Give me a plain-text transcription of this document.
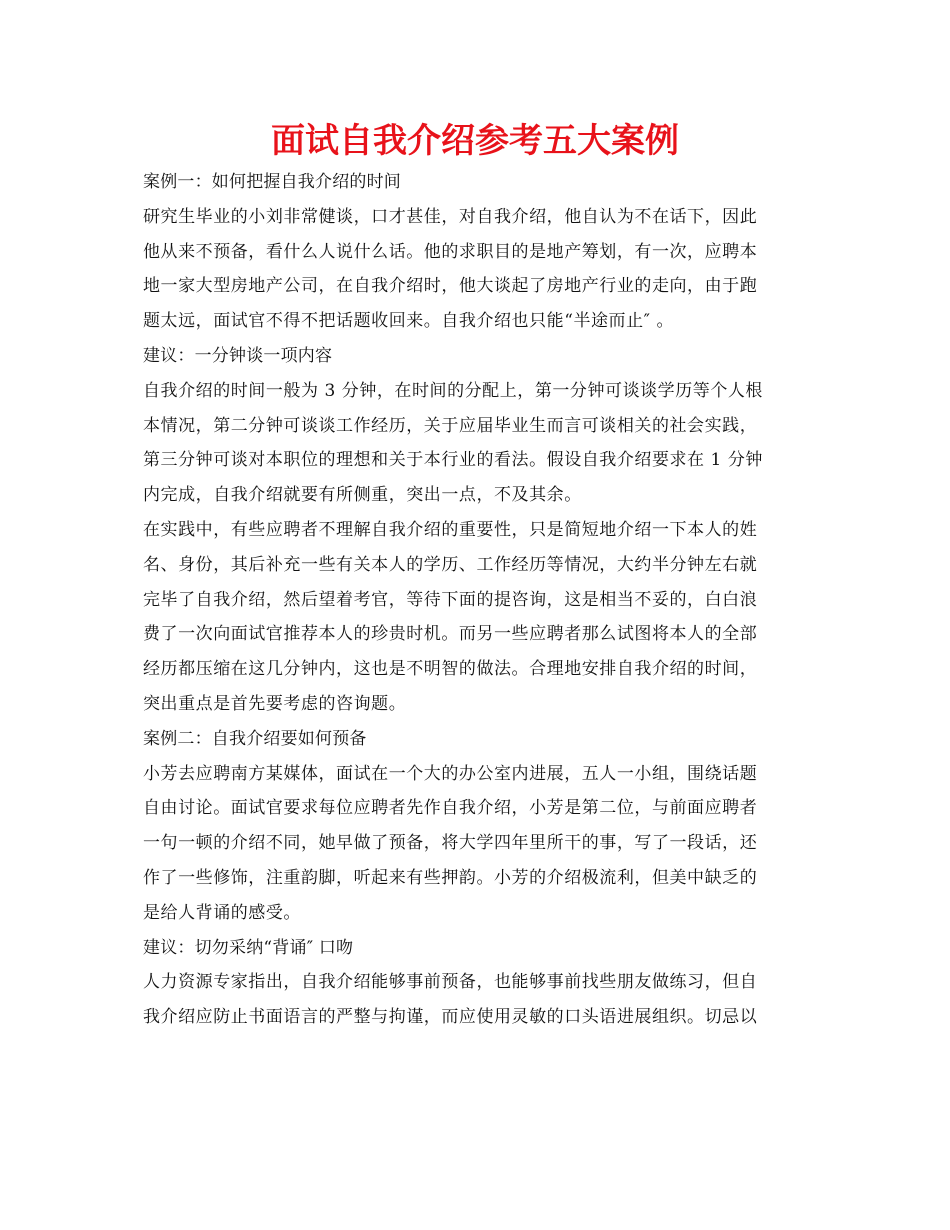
面试自我介绍参考五大案例
案例一：如何把握自我介绍的时间
研究生毕业的小刘非常健谈，口才甚佳，对自我介绍，他自认为不在话下，因此
他从来不预备，看什么人说什么话。他的求职目的是地产筹划，有一次，应聘本
地一家大型房地产公司，在自我介绍时，他大谈起了房地产行业的走向，由于跑
题太远，面试官不得不把话题收回来。自我介绍也只能“半途而止″ 。
建议：一分钟谈一项内容
自我介绍的时间一般为 3 分钟，在时间的分配上，第一分钟可谈谈学历等个人根
本情况，第二分钟可谈谈工作经历，关于应届毕业生而言可谈相关的社会实践，
第三分钟可谈对本职位的理想和关于本行业的看法。假设自我介绍要求在 1 分钟
内完成，自我介绍就要有所侧重，突出一点，不及其余。
在实践中，有些应聘者不理解自我介绍的重要性，只是简短地介绍一下本人的姓
名、身份，其后补充一些有关本人的学历、工作经历等情况，大约半分钟左右就
完毕了自我介绍，然后望着考官，等待下面的提咨询，这是相当不妥的，白白浪
费了一次向面试官推荐本人的珍贵时机。而另一些应聘者那么试图将本人的全部
经历都压缩在这几分钟内，这也是不明智的做法。合理地安排自我介绍的时间，
突出重点是首先要考虑的咨询题。
案例二：自我介绍要如何预备
小芳去应聘南方某媒体，面试在一个大的办公室内进展，五人一小组，围绕话题
自由讨论。面试官要求每位应聘者先作自我介绍，小芳是第二位，与前面应聘者
一句一顿的介绍不同，她早做了预备，将大学四年里所干的事，写了一段话，还
作了一些修饰，注重韵脚，听起来有些押韵。小芳的介绍极流利，但美中缺乏的
是给人背诵的感受。
建议：切勿采纳“背诵″ 口吻
人力资源专家指出，自我介绍能够事前预备，也能够事前找些朋友做练习，但自
我介绍应防止书面语言的严整与拘谨，而应使用灵敏的口头语进展组织。切忌以
